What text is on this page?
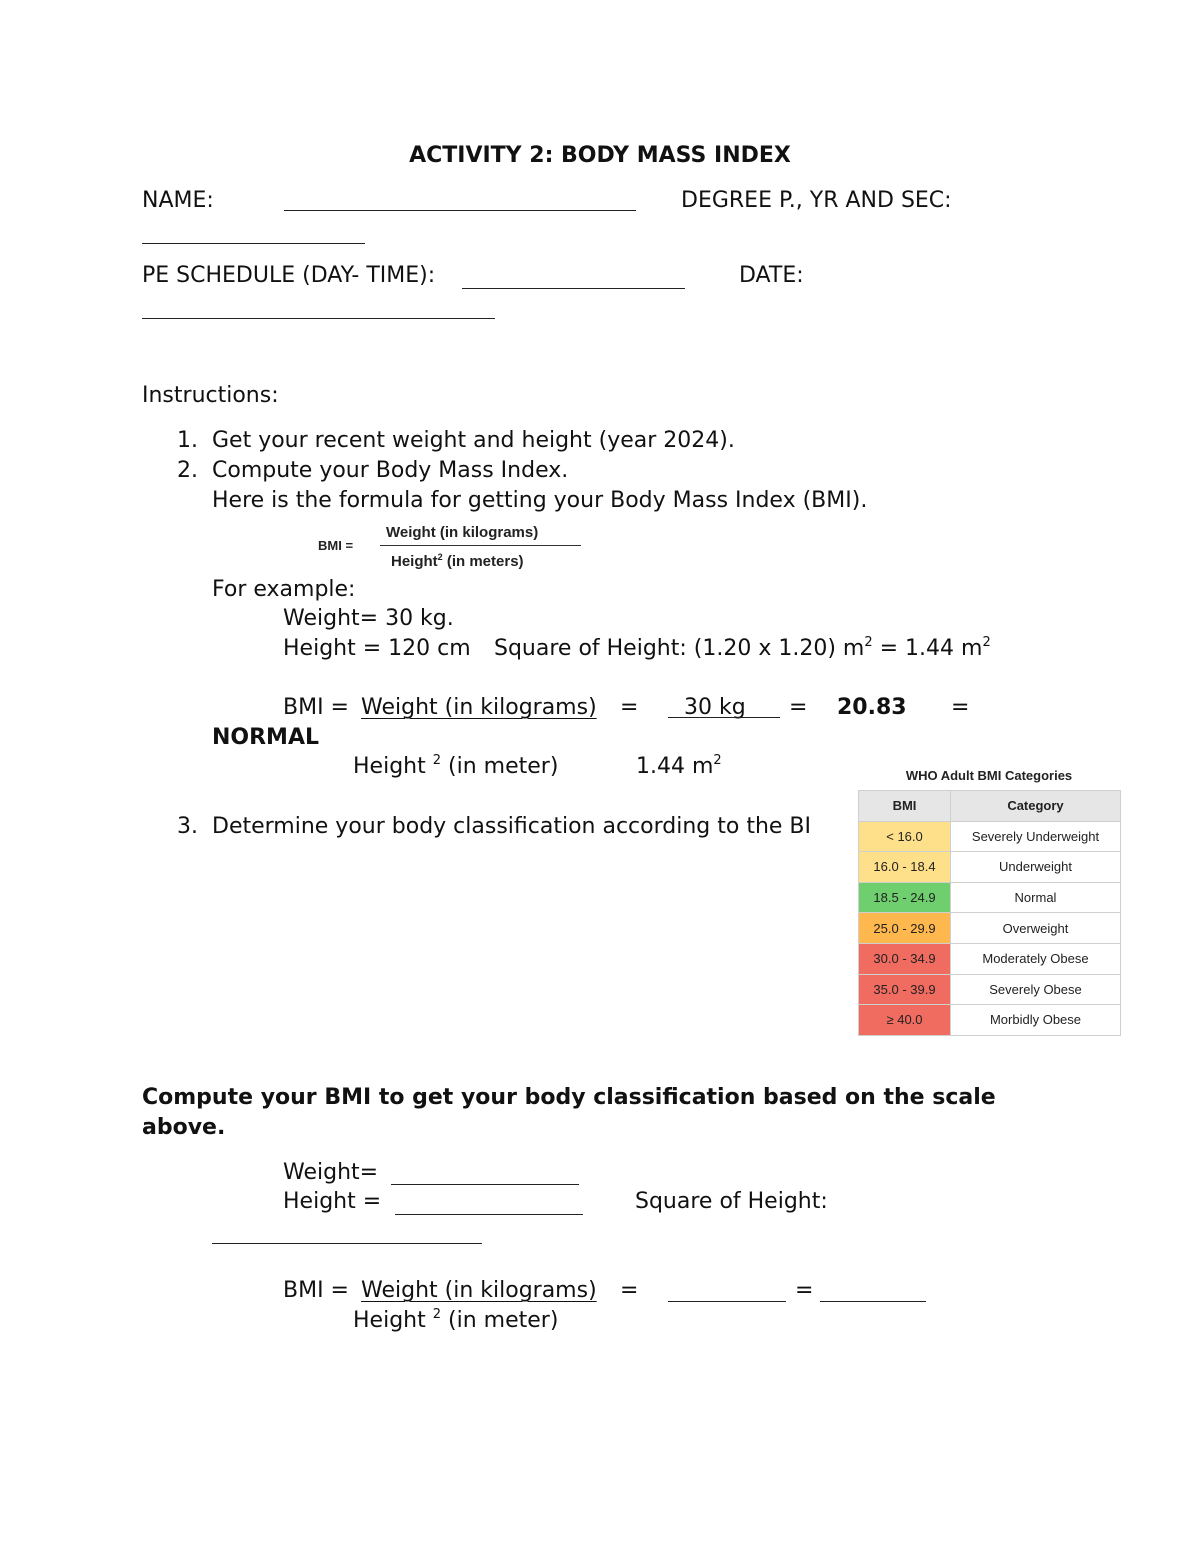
ACTIVITY 2: BODY MASS INDEX
NAME:	DEGREE P., YR AND SEC:
PE SCHEDULE (DAY- TIME):	DATE:
Instructions:
1. Get your recent weight and height (year 2024).
2. Compute your Body Mass Index.
Here is the formula for getting your Body Mass Index (BMI).
BMI =
Weight (in kilograms)
Height$^2$ (in meters)
For example:
Weight= 30 kg.
Height = 120 cm Square of Height: (1.20 x 1.20) $m^2 = 1.44$ $m^2$
BMI = Weight (in kilograms) = 30 kg = 20.83 =
NORMAL
Height $^2$ (in meter)	1.44 $m^2$
3. Determine your body classification according to the BI
WHO Adult BMI Categories
BMI	Category
< 16.0	Severely Underweight
16.0 - 18.4	Underweight
18.5 - 24.9	Normal
25.0 - 29.9	Overweight
30.0 - 34.9	Moderately Obese
35.0 - 39.9	Severely Obese
≥ 40.0	Morbidly Obese
Compute your BMI to get your body classification based on the scale
above.
Weight=
Height =	Square of Height:
BMI = Weight (in kilograms) =	=
Height $^2$ (in meter)
